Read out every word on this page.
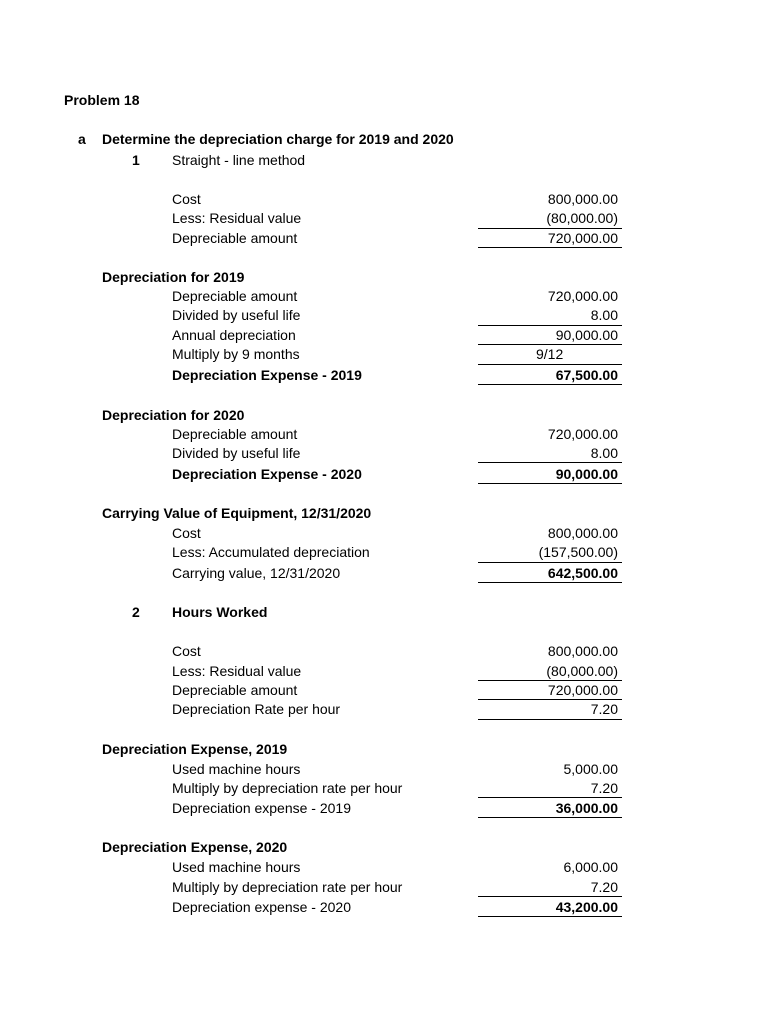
Problem 18
a Determine the depreciation charge for 2019 and 2020
1 Straight - line method
Cost	800,000.00
Less: Residual value	(80,000.00)
Depreciable amount	720,000.00
Depreciation for 2019
Depreciable amount	720,000.00
Divided by useful life	8.00
Annual depreciation	90,000.00
Multiply by 9 months	9/12
Depreciation Expense - 2019	67,500.00
Depreciation for 2020
Depreciable amount	720,000.00
Divided by useful life	8.00
Depreciation Expense - 2020	90,000.00
Carrying Value of Equipment, 12/31/2020
Cost	800,000.00
Less: Accumulated depreciation	(157,500.00)
Carrying value, 12/31/2020	642,500.00
2 Hours Worked
Cost	800,000.00
Less: Residual value	(80,000.00)
Depreciable amount	720,000.00
Depreciation Rate per hour	7.20
Depreciation Expense, 2019
Used machine hours	5,000.00
Multiply by depreciation rate per hour	7.20
Depreciation expense - 2019	36,000.00
Depreciation Expense, 2020
Used machine hours	6,000.00
Multiply by depreciation rate per hour	7.20
Depreciation expense - 2020	43,200.00
